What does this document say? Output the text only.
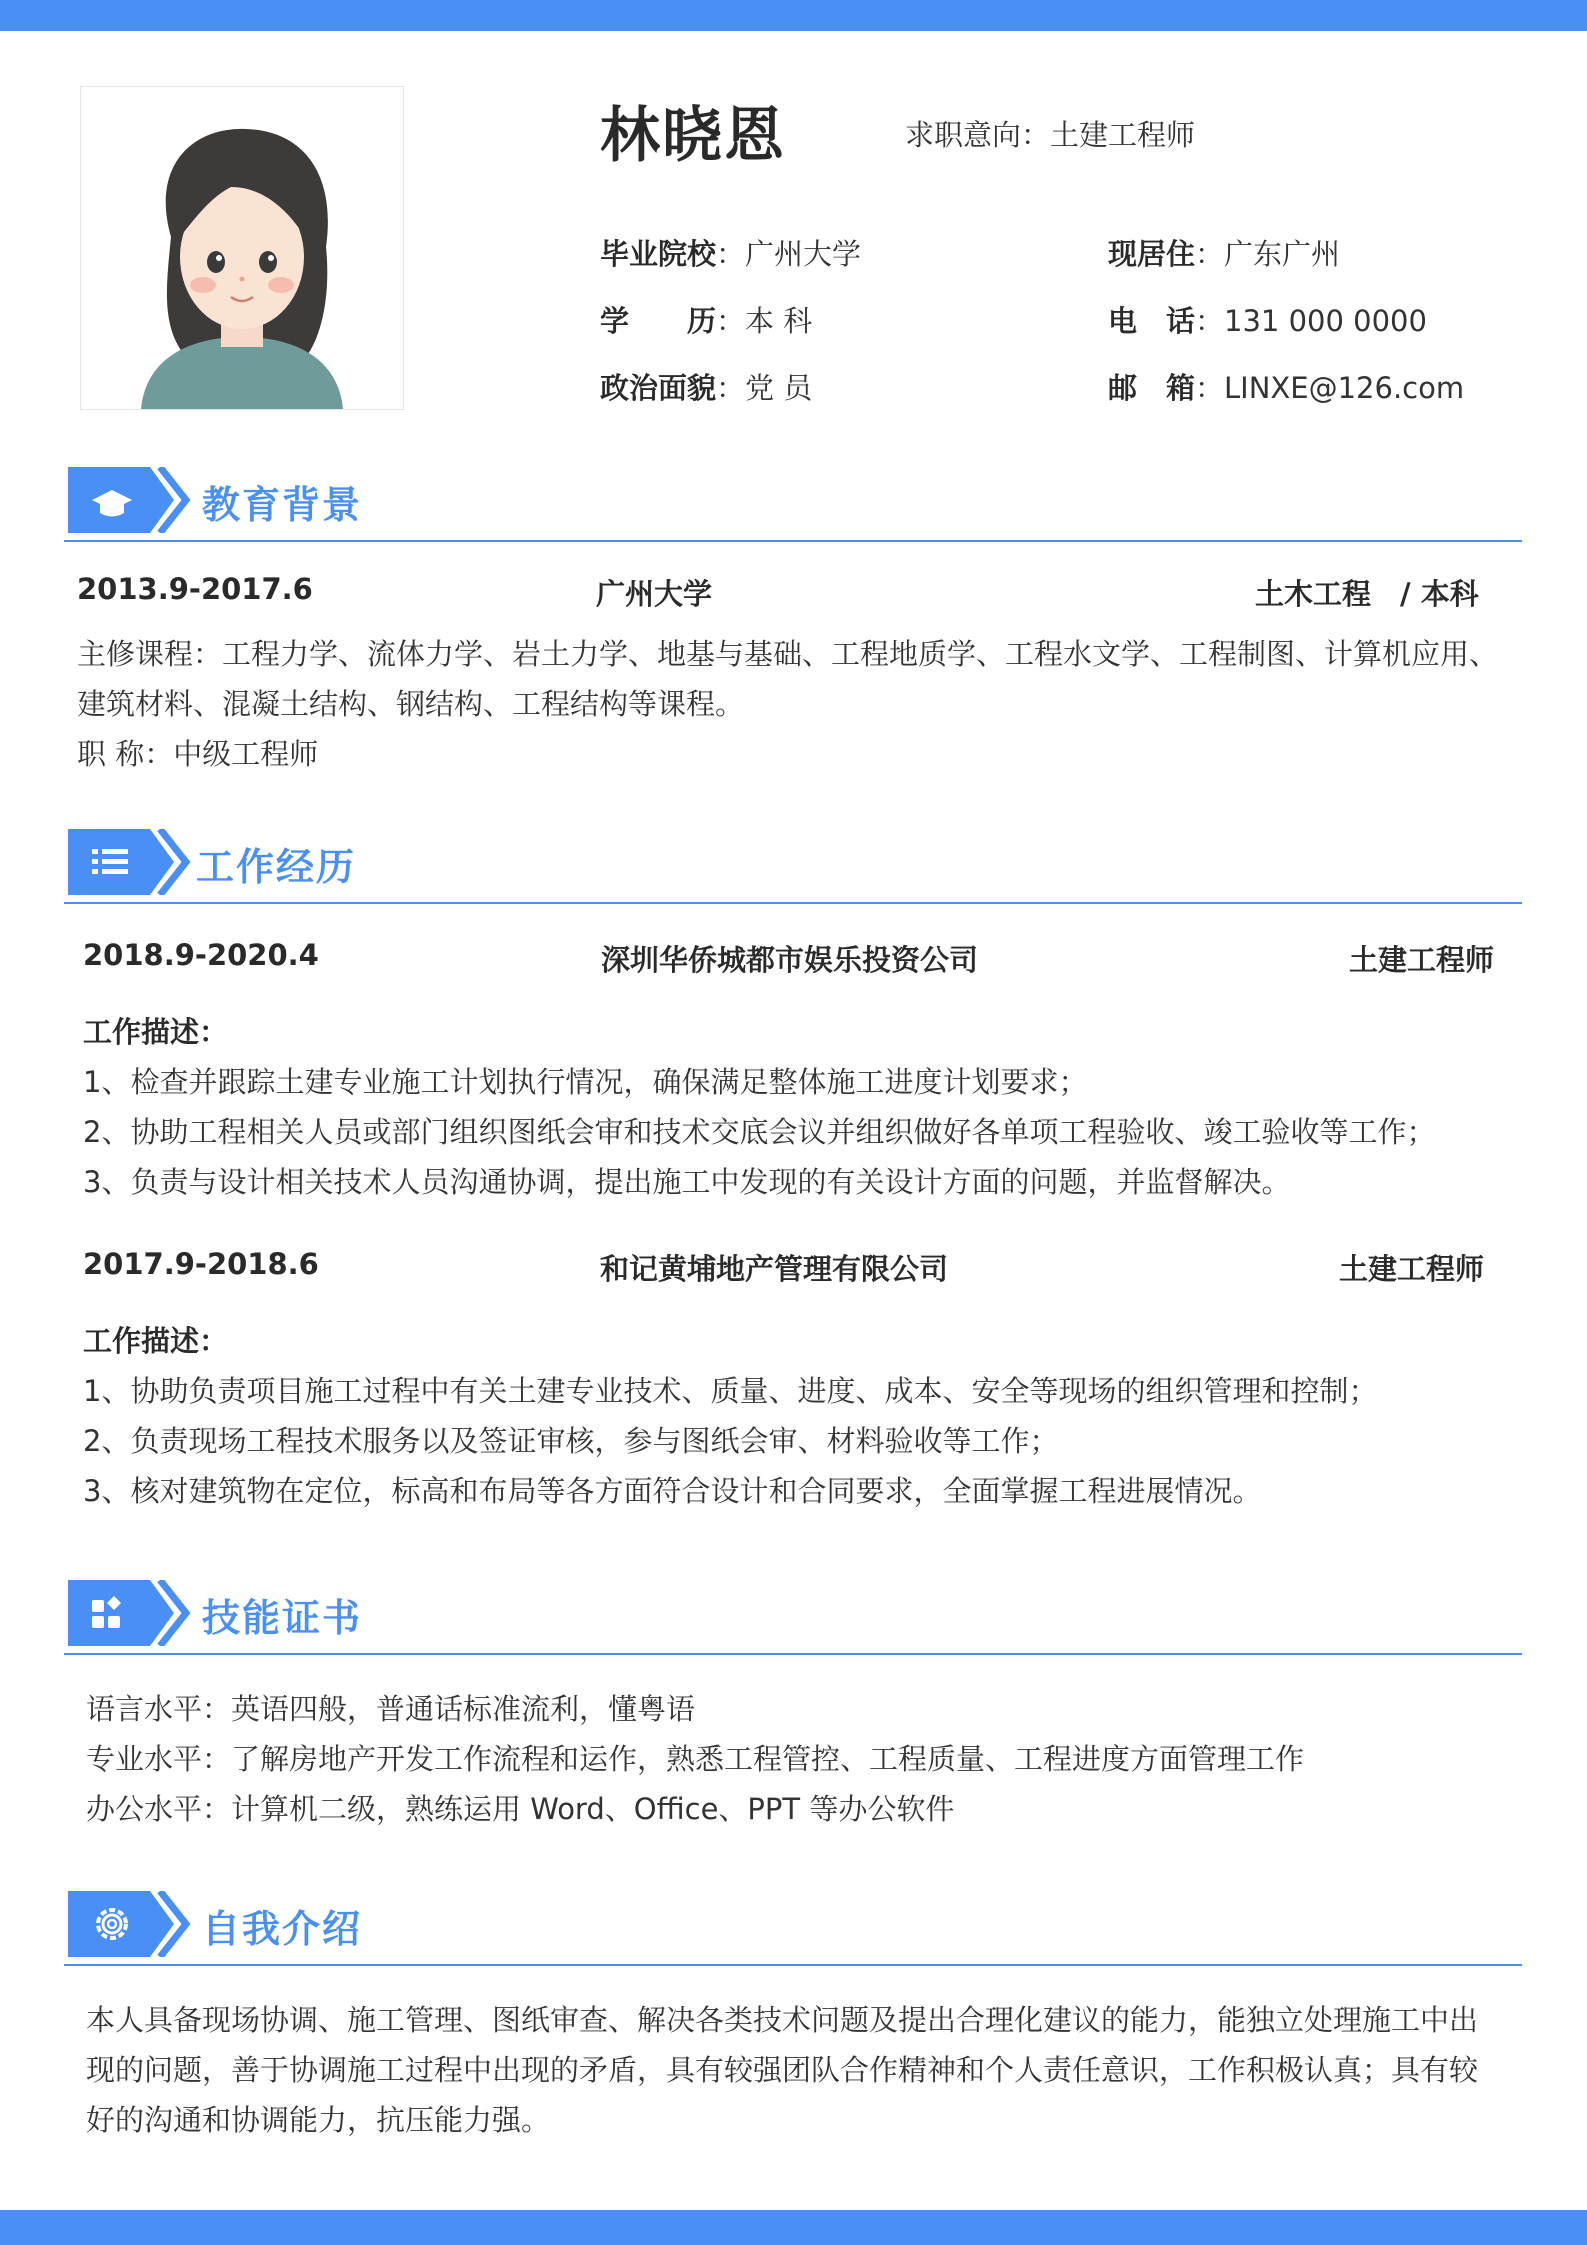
林晓恩	求职意向：土建工程师
毕业院校：广州大学	现居住：广东广州
学　　历：本 科	电　话：131 000 0000
政治面貌：党 员	邮　箱：LINXE@126.com
教育背景
2013.9-2017.6	广州大学	土木工程　/ 本科
主修课程：工程力学、流体力学、岩土力学、地基与基础、工程地质学、工程水文学、工程制图、计算机应用、
建筑材料、混凝土结构、钢结构、工程结构等课程。
职 称：中级工程师
工作经历
2018.9-2020.4	深圳华侨城都市娱乐投资公司	土建工程师
工作描述：
1、检查并跟踪土建专业施工计划执行情况，确保满足整体施工进度计划要求；
2、协助工程相关人员或部门组织图纸会审和技术交底会议并组织做好各单项工程验收、竣工验收等工作；
3、负责与设计相关技术人员沟通协调，提出施工中发现的有关设计方面的问题，并监督解决。
2017.9-2018.6	和记黄埔地产管理有限公司	土建工程师
工作描述：
1、协助负责项目施工过程中有关土建专业技术、质量、进度、成本、安全等现场的组织管理和控制；
2、负责现场工程技术服务以及签证审核，参与图纸会审、材料验收等工作；
3、核对建筑物在定位，标高和布局等各方面符合设计和合同要求，全面掌握工程进展情况。
技能证书
语言水平：英语四般，普通话标准流利，懂粤语
专业水平：了解房地产开发工作流程和运作，熟悉工程管控、工程质量、工程进度方面管理工作
办公水平：计算机二级，熟练运用 Word、Office、PPT 等办公软件
自我介绍
本人具备现场协调、施工管理、图纸审查、解决各类技术问题及提出合理化建议的能力，能独立处理施工中出现的问题，善于协调施工过程中出现的矛盾，具有较强团队合作精神和个人责任意识，工作积极认真；具有较好的沟通和协调能力，抗压能力强。
